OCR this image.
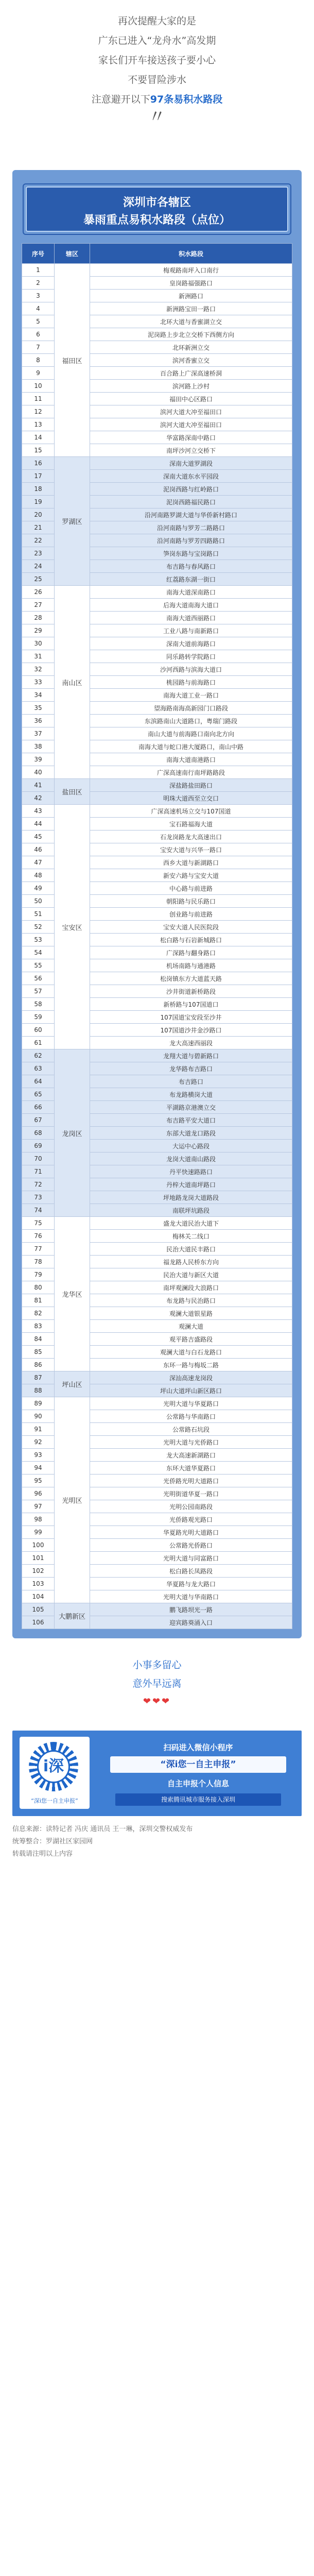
再次提醒大家的是

广东已进入“龙舟水”高发期

家长们开车接送孩子要小心

不要冒险涉水

注意避开以下97条易积水路段

〃
深圳市各辖区
暴雨重点易积水路段（点位）
序号	辖区	积水路段
1	福田区	梅观路南坪入口南行
2		皇岗路福强路口
3		新洲路口
4		新洲路宝田一路口
5		北环大道与香蜜湖立交
6		泥岗路上步北立交桥下西侧方向
7		北环新洲立交
8		滨河香蜜立交
9		百合路上广深高速桥洞
10		滨河路上沙村
11		福田中心区路口
12		滨河大道大冲至福田口
13		滨河大道大冲至福田口
14		华富路深南中路口
15		南坪沙河立交桥下
16	罗湖区	深南大道罗湖段
17		深南大道东水平园段
18		泥岗西路与红岭路口
19		泥岗西路福民路口
20		沿河南路罗湖大道与华侨新村路口
21		沿河南路与罗芳二路路口
22		沿河南路与罗芳四路路口
23		笋岗东路与宝岗路口
24		布吉路与春风路口
25		红荔路东湖一街口
26	南山区	南海大道深南路口
27		后海大道南海大道口
28		南海大道西丽路口
29		工业八路与南新路口
30		深南大道前海路口
31		同乐路转学院路口
32		沙河西路与滨海大道口
33		桃园路与前海路口
34		南海大道工业一路口
35		望海路南海高新园门口路段
36		东滨路南山大道路口，粤瑞门路段
37		南山大道与前海路口南向北方向
38		南海大道与蛇口港大厦路口，南山中路
39		南海大道南港路口
40		广深高速南行南坪路路段
41	盐田区	深盐路盐田路口
42		明珠大道西至立交口
43	宝安区	广深高速机场立交与107国道
44		宝石路福海大道
45		石龙岗路龙大高速出口
46		宝安大道与兴华一路口
47		西乡大道与新湖路口
48		新安六路与宝安大道
49		中心路与前进路
50		朝阳路与民乐路口
51		创业路与前进路
52		宝安大道人民医院段
53		松白路与石岩新城路口
54		广深路与翻身路口
55		机场南路与通港路
56		松岗镇东方大道蓝天路
57		沙井街道新桥路段
58		新桥路与107国道口
59		107国道宝安段至沙井
60		107国道沙井金沙路口
61		龙大高速西丽段
62	龙岗区	龙翔大道与碧新路口
63		龙华路布吉路口
64		布吉路口
65		布龙路横岗大道
66		平湖路京港澳立交
67		布吉路平安大道口
68		东部大道龙口路段
69		大运中心路段
70		龙岗大道南山路段
71		丹平快速路路口
72		丹梓大道南坪路口
73		坪地路龙岗大道路段
74		南联坪坑路段
75	龙华区	盛龙大道民治大道下
76		梅林关二线口
77		民治大道民丰路口
78		福龙路人民桥东方向
79		民治大道与新区大道
80		南坪观澜段大浪路口
81		布龙路与民治路口
82		观澜大道银星路
83		观澜大道
84		观平路吉盛路段
85		观澜大道与白石龙路口
86		东环一路与梅坂二路
87	坪山区	深汕高速龙岗段
88		坪山大道坪山新区路口
89	光明区	光明大道与华夏路口
90		公常路与华南路口
91		公常路石坑段
92		光明大道与光侨路口
93		龙大高速新湖路口
94		东环大道华夏路口
95		光侨路光明大道路口
96		光明街道华夏一路口
97		光明公园南路段
98		光侨路观光路口
99		华夏路光明大道路口
100		公常路光侨路口
101		光明大道与同富路口
102		松白路长凤路段
103		华夏路与龙大路口
104		光明大道与华南路口
105	大鹏新区	鹏飞路坝光一路
106		迎宾路葵涌入口

小事多留心

意外早远离

❤❤❤
i深
“深i您一自主申报”
扫码进入微信小程序
“深i您一自主申报”
自主申报个人信息
搜索腾讯城市服务接入深圳
信息来源：读特记者 冯庆 通讯员 王一琳，深圳交警权威发布
统筹整合：罗湖社区家园网
转载请注明以上内容
